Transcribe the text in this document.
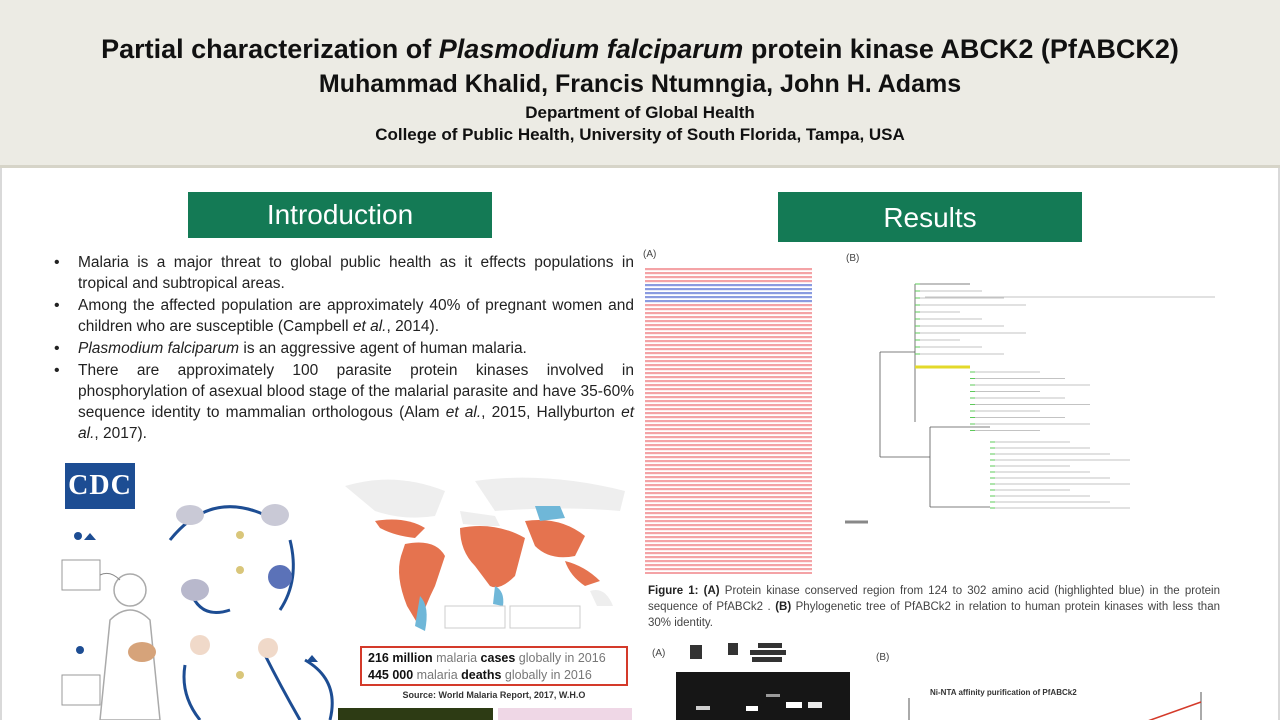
Partial characterization of Plasmodium falciparum protein kinase ABCK2 (PfABCK2)
Muhammad Khalid, Francis Ntumngia, John H. Adams
Department of Global Health
College of Public Health, University of South Florida, Tampa, USA
Introduction
• Malaria is a major threat to global public health as it effects populations in tropical and subtropical areas.
• Among the affected population are approximately 40% of pregnant women and children who are susceptible (Campbell et al., 2014).
• Plasmodium falciparum is an aggressive agent of human malaria.
• There are approximately 100 parasite protein kinases involved in phosphorylation of asexual blood stage of the malarial parasite and have 35-60% sequence identity to mammalian orthologous (Alam et al., 2015, Hallyburton et al., 2017).
CDC
216 million malaria cases globally in 2016
445 000 malaria deaths globally in 2016
Source: World Malaria Report, 2017, W.H.O
Results
(A)	(B)
Figure 1: (A) Protein kinase conserved region from 124 to 302 amino acid (highlighted blue) in the protein sequence of PfABCk2 . (B) Phylogenetic tree of PfABCk2 in relation to human protein kinases with less than 30% identity.
(A)	(B)
Ni-NTA affinity purification of PfABCk2
